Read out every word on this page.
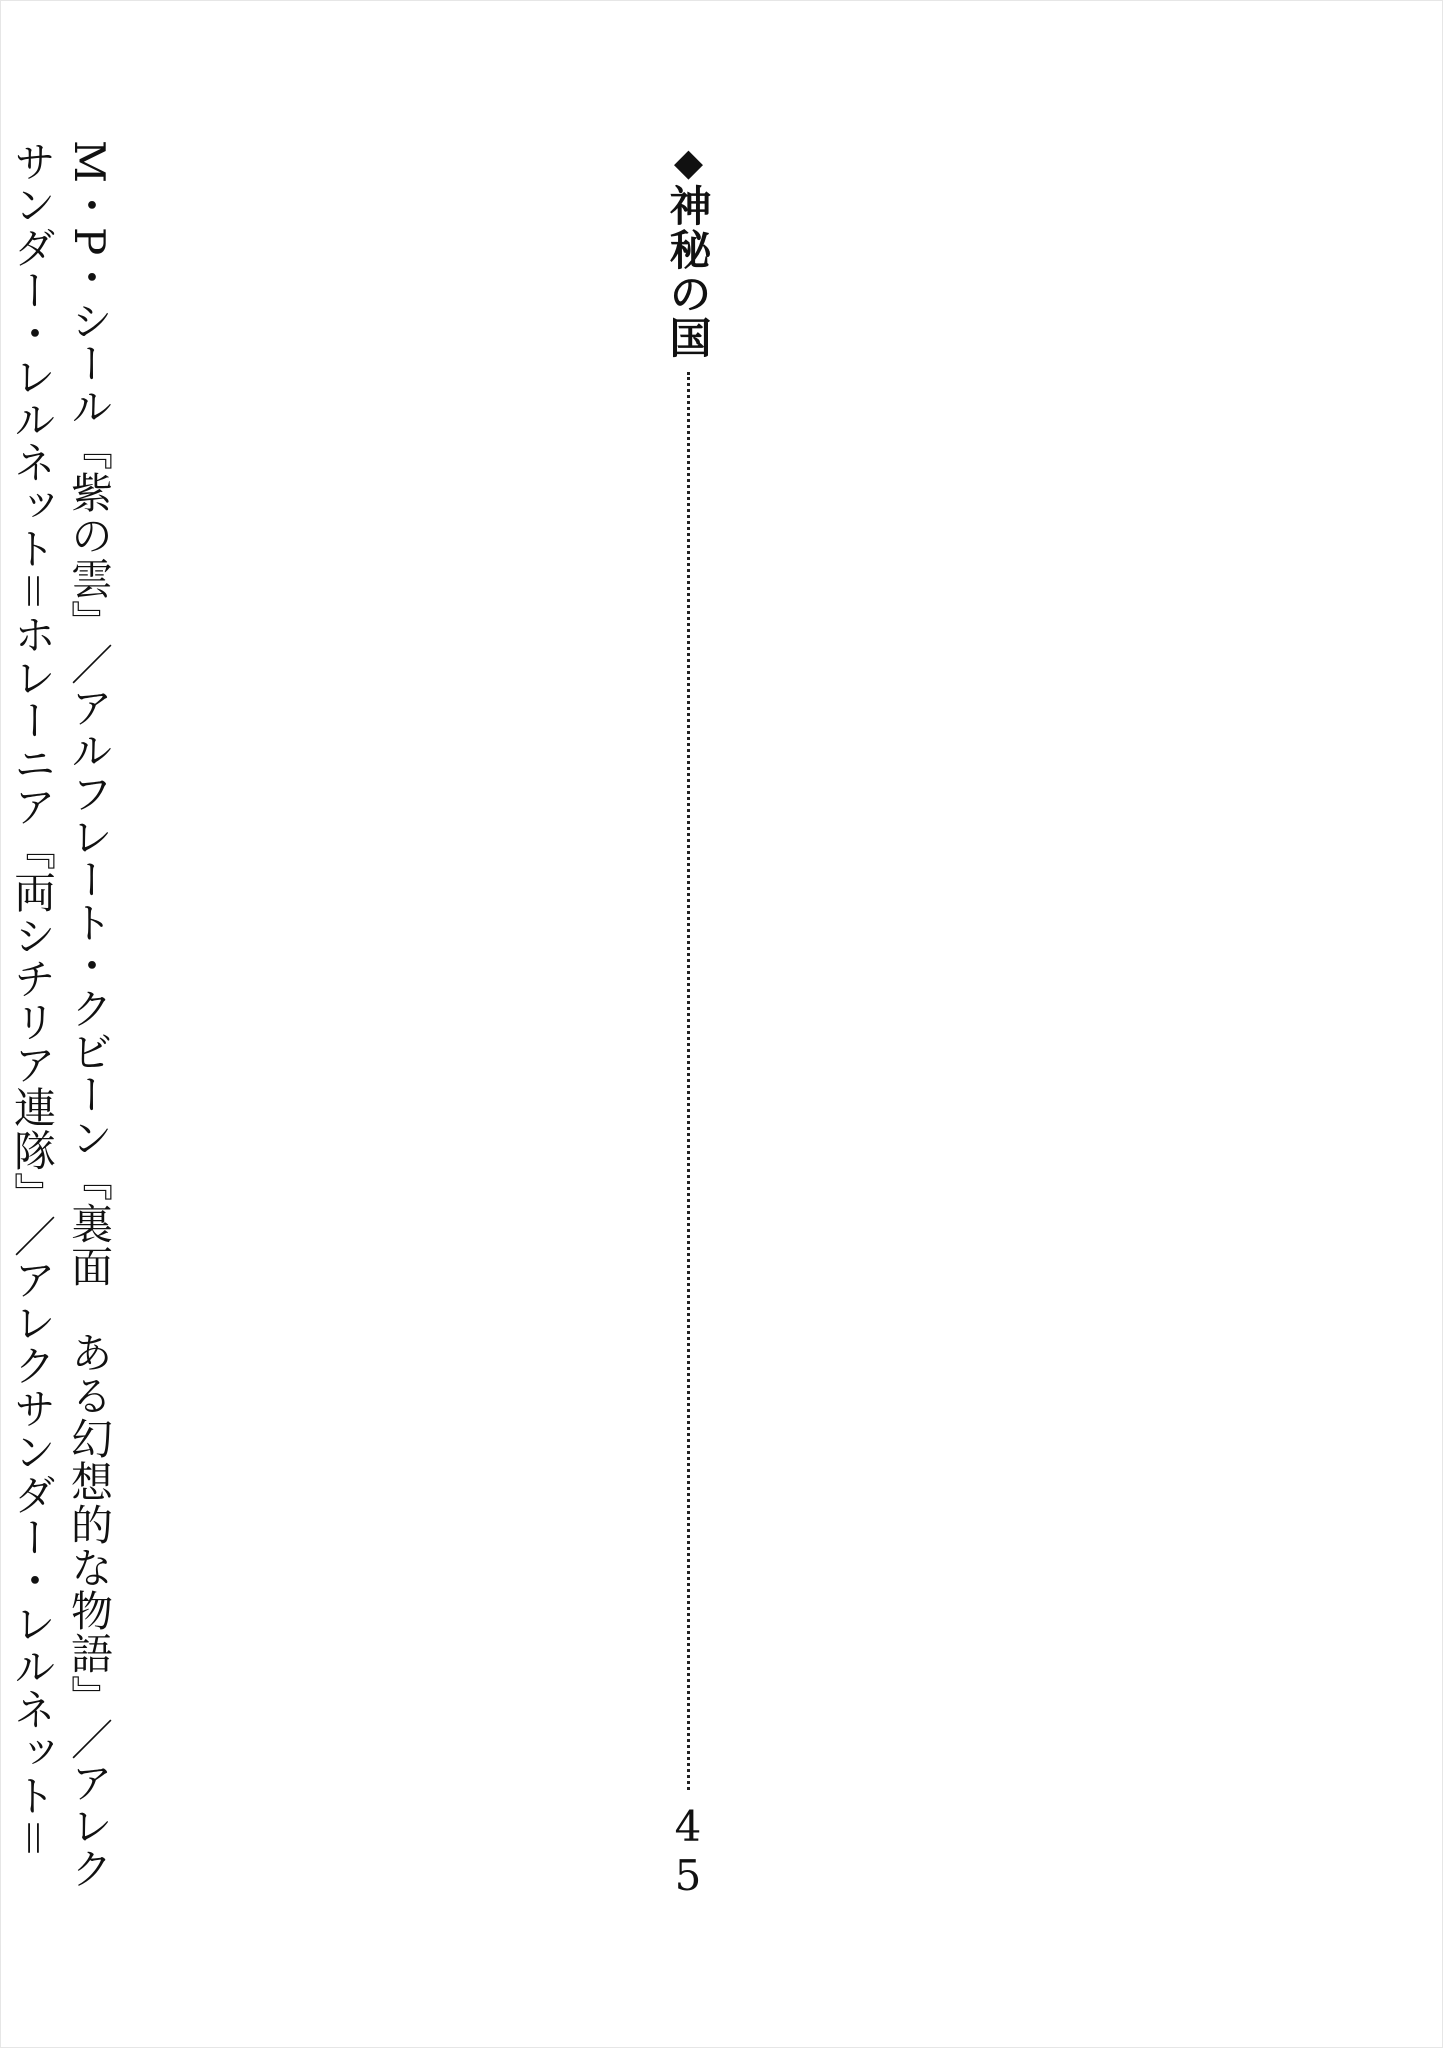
◆
神秘の国
45
M・P・シール『紫の雲』／アルフレート・クビーン『裏面　ある幻想的な物語』／アレクサンダー・レルネット＝ホレーニア『両シチリア連隊』／アレクサンダー・レルネット＝
